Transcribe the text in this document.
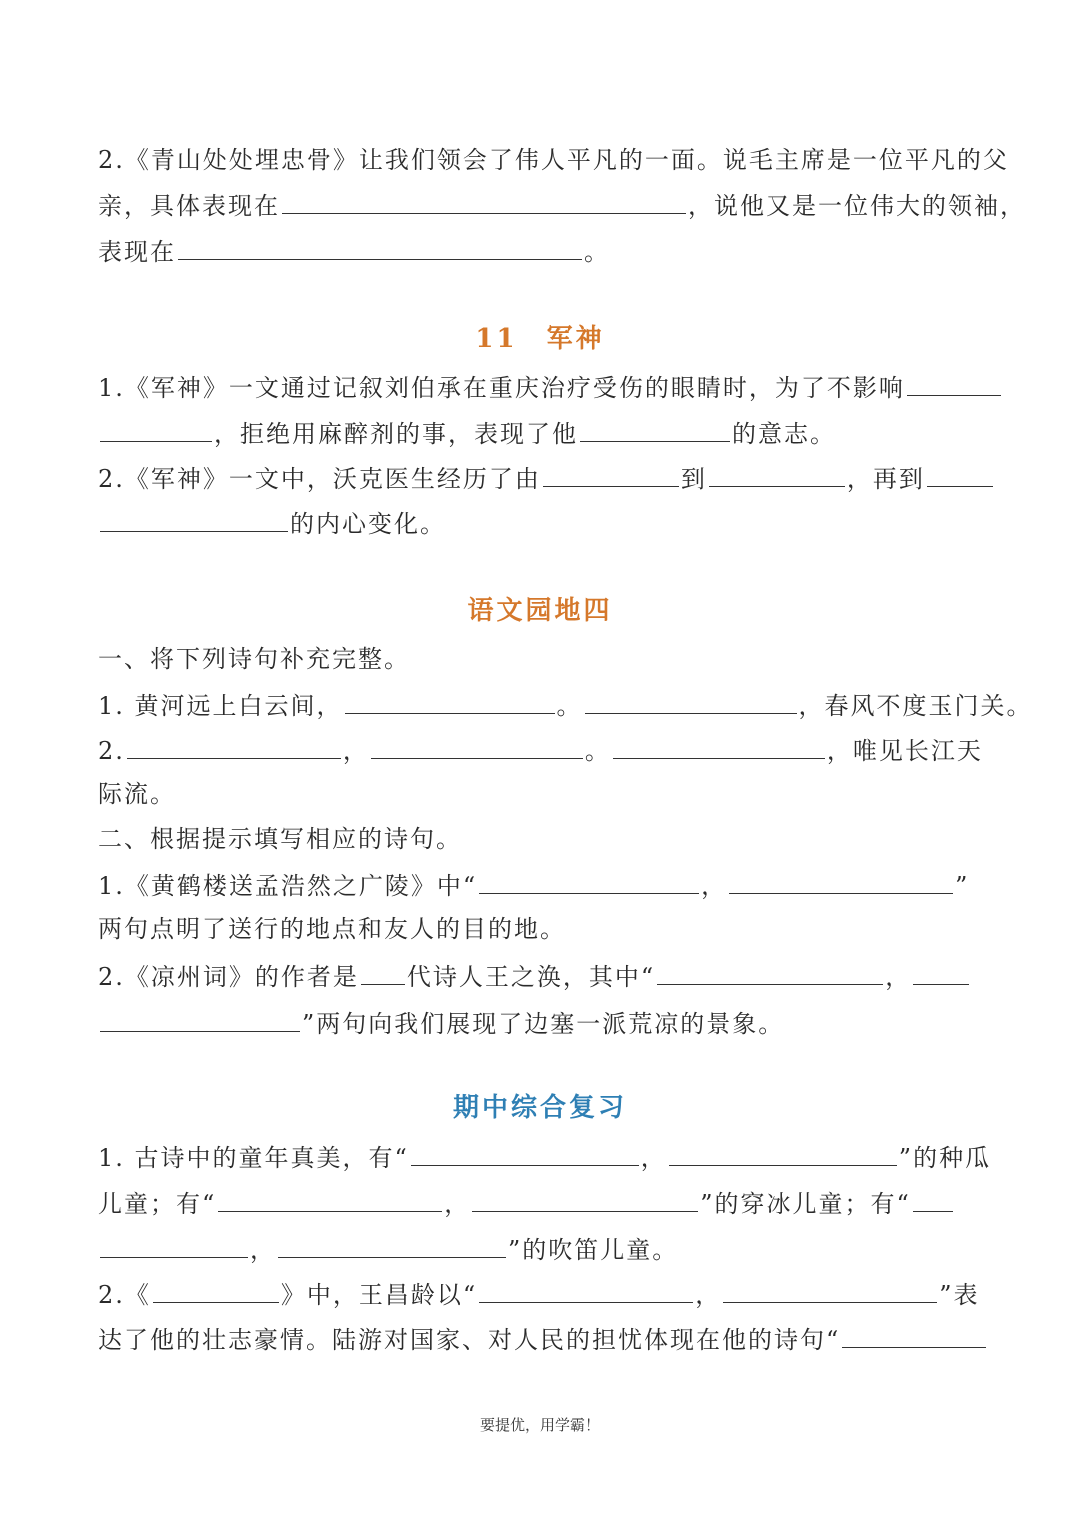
2.《青山处处埋忠骨》让我们领会了伟人平凡的一面。说毛主席是一位平凡的父
亲，具体表现在	，说他又是一位伟大的领袖，
表现在	。
11　军神
1.《军神》一文通过记叙刘伯承在重庆治疗受伤的眼睛时，为了不影响
，拒绝用麻醉剂的事，表现了他	的意志。
2.《军神》一文中，沃克医生经历了由	到	，再到
的内心变化。
语文园地四
一、将下列诗句补充完整。
1. 黄河远上白云间，	。	，春风不度玉门关。
2.	，	。	，唯见长江天
际流。
二、根据提示填写相应的诗句。
1.《黄鹤楼送孟浩然之广陵》中“	，	”
两句点明了送行的地点和友人的目的地。
2.《凉州词》的作者是 代诗人王之涣，其中“	，
”两句向我们展现了边塞一派荒凉的景象。
期中综合复习
1. 古诗中的童年真美，有“	，	”的种瓜
儿童；有“	，	”的穿冰儿童；有“
，	”的吹笛儿童。
2.《	》中，王昌龄以“	，	”表
达了他的壮志豪情。陆游对国家、对人民的担忧体现在他的诗句“
要提优，用学霸！
